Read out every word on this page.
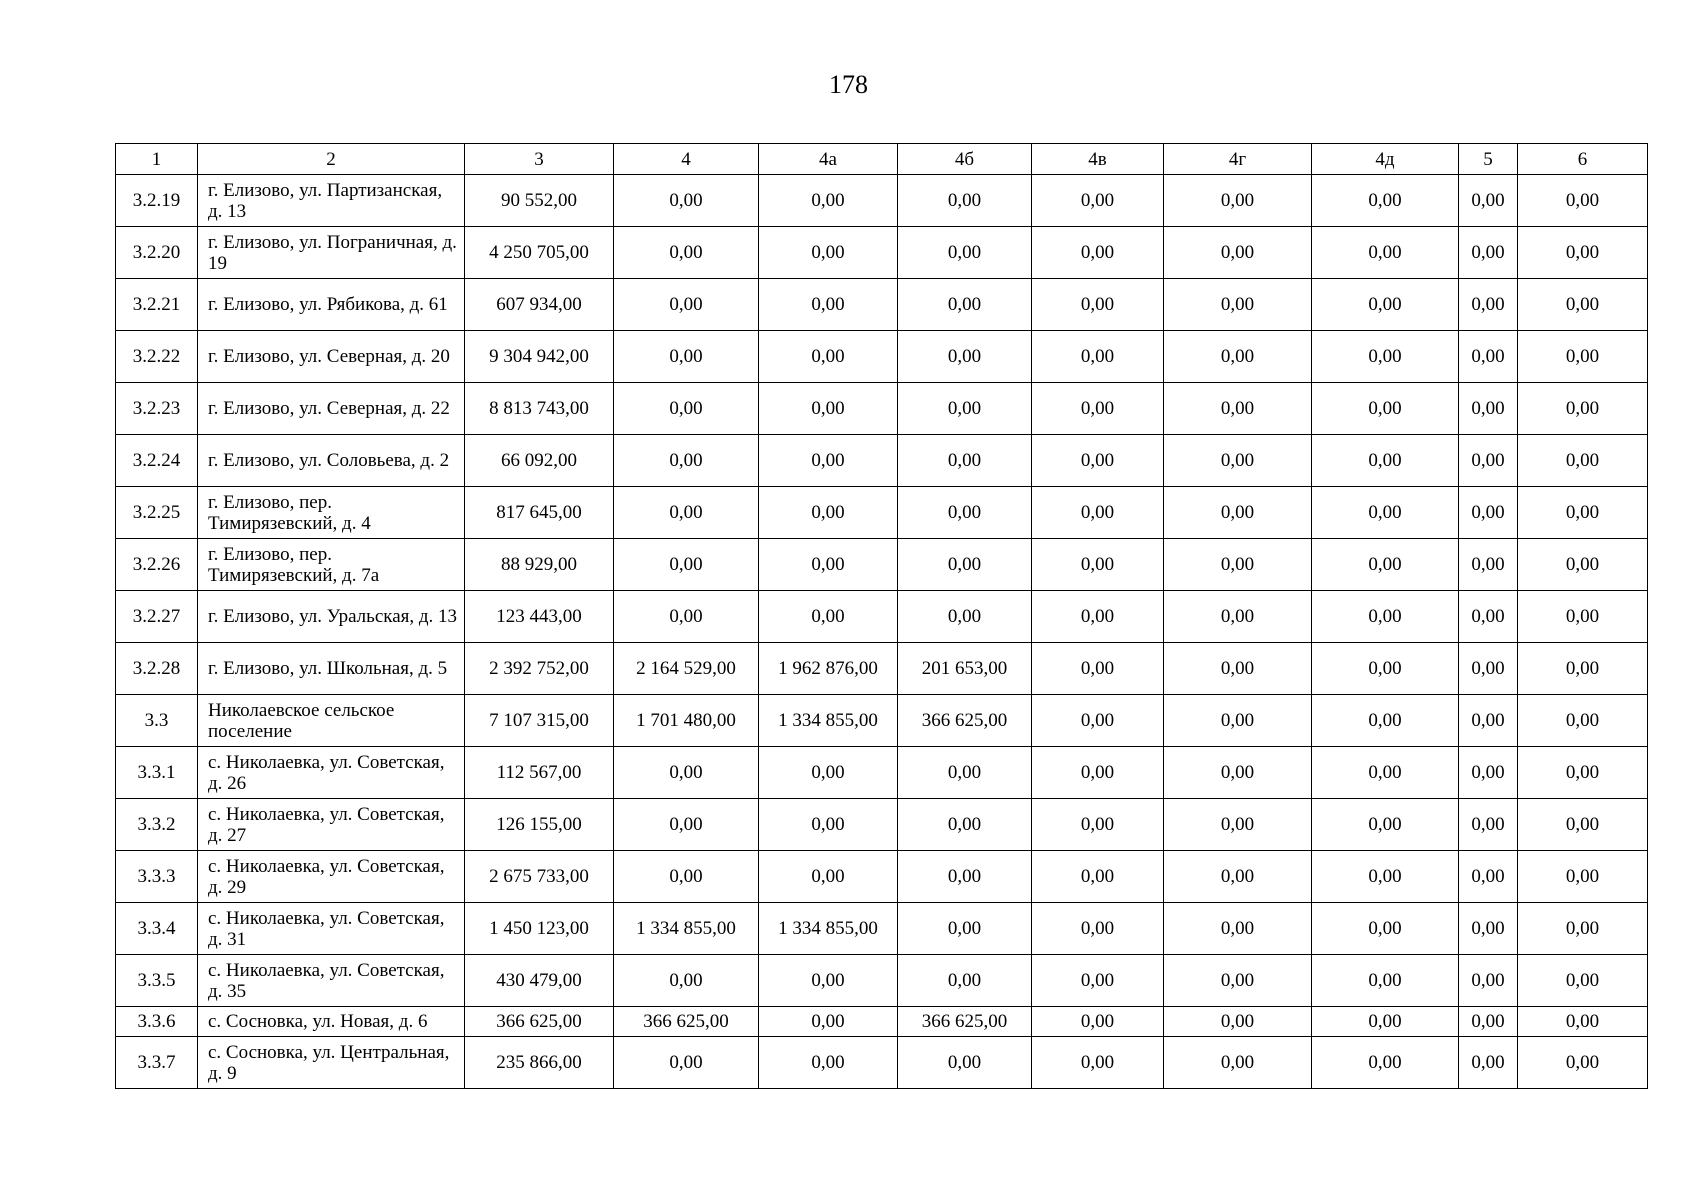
178
1	2	3	4	4а	4б	4в	4г	4д	5	6
3.2.19	г. Елизово, ул. Партизанская, д. 13	90 552,00	0,00	0,00	0,00	0,00	0,00	0,00	0,00	0,00
3.2.20	г. Елизово, ул. Пограничная, д. 19	4 250 705,00	0,00	0,00	0,00	0,00	0,00	0,00	0,00	0,00
3.2.21	г. Елизово, ул. Рябикова, д. 61	607 934,00	0,00	0,00	0,00	0,00	0,00	0,00	0,00	0,00
3.2.22	г. Елизово, ул. Северная, д. 20	9 304 942,00	0,00	0,00	0,00	0,00	0,00	0,00	0,00	0,00
3.2.23	г. Елизово, ул. Северная, д. 22	8 813 743,00	0,00	0,00	0,00	0,00	0,00	0,00	0,00	0,00
3.2.24	г. Елизово, ул. Соловьева, д. 2	66 092,00	0,00	0,00	0,00	0,00	0,00	0,00	0,00	0,00
3.2.25	г. Елизово, пер. Тимирязевский, д. 4	817 645,00	0,00	0,00	0,00	0,00	0,00	0,00	0,00	0,00
3.2.26	г. Елизово, пер. Тимирязевский, д. 7а	88 929,00	0,00	0,00	0,00	0,00	0,00	0,00	0,00	0,00
3.2.27	г. Елизово, ул. Уральская, д. 13	123 443,00	0,00	0,00	0,00	0,00	0,00	0,00	0,00	0,00
3.2.28	г. Елизово, ул. Школьная, д. 5	2 392 752,00	2 164 529,00	1 962 876,00	201 653,00	0,00	0,00	0,00	0,00	0,00
3.3	Николаевское сельское поселение	7 107 315,00	1 701 480,00	1 334 855,00	366 625,00	0,00	0,00	0,00	0,00	0,00
3.3.1	с. Николаевка, ул. Советская, д. 26	112 567,00	0,00	0,00	0,00	0,00	0,00	0,00	0,00	0,00
3.3.2	с. Николаевка, ул. Советская, д. 27	126 155,00	0,00	0,00	0,00	0,00	0,00	0,00	0,00	0,00
3.3.3	с. Николаевка, ул. Советская, д. 29	2 675 733,00	0,00	0,00	0,00	0,00	0,00	0,00	0,00	0,00
3.3.4	с. Николаевка, ул. Советская, д. 31	1 450 123,00	1 334 855,00	1 334 855,00	0,00	0,00	0,00	0,00	0,00	0,00
3.3.5	с. Николаевка, ул. Советская, д. 35	430 479,00	0,00	0,00	0,00	0,00	0,00	0,00	0,00	0,00
3.3.6	с. Сосновка, ул. Новая, д. 6	366 625,00	366 625,00	0,00	366 625,00	0,00	0,00	0,00	0,00	0,00
3.3.7	с. Сосновка, ул. Центральная, д. 9	235 866,00	0,00	0,00	0,00	0,00	0,00	0,00	0,00	0,00
